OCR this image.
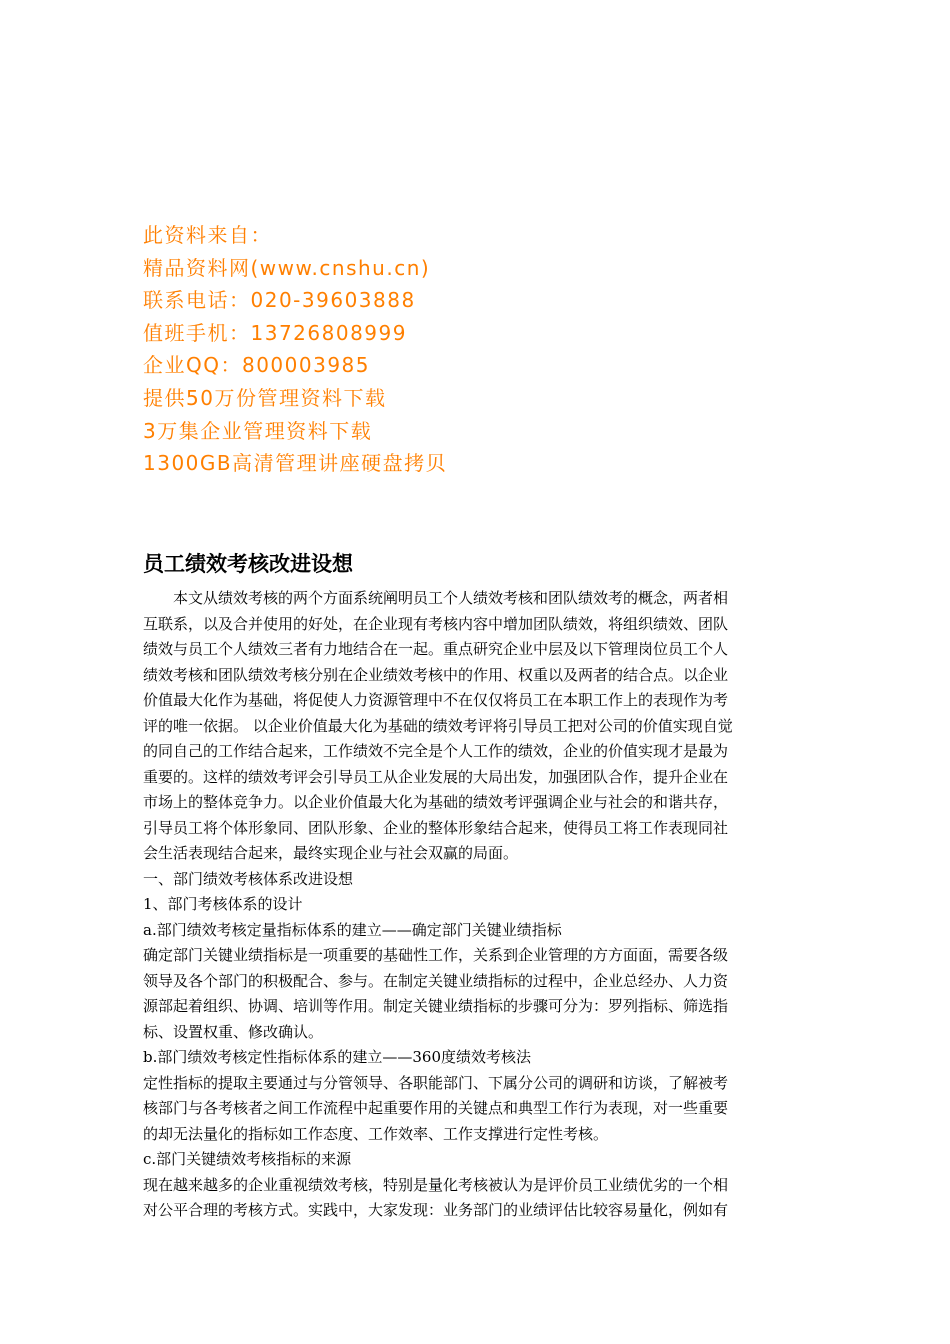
此资料来自：
精品资料网(www.cnshu.cn)
联系电话：020-39603888
值班手机：13726808999
企业QQ：800003985
提供50万份管理资料下载
3万集企业管理资料下载
1300GB高清管理讲座硬盘拷贝
员工绩效考核改进设想
本文从绩效考核的两个方面系统阐明员工个人绩效考核和团队绩效考的概念，两者相
互联系，以及合并使用的好处，在企业现有考核内容中增加团队绩效，将组织绩效、团队
绩效与员工个人绩效三者有力地结合在一起。重点研究企业中层及以下管理岗位员工个人
绩效考核和团队绩效考核分别在企业绩效考核中的作用、权重以及两者的结合点。以企业
价值最大化作为基础，将促使人力资源管理中不在仅仅将员工在本职工作上的表现作为考
评的唯一依据。 以企业价值最大化为基础的绩效考评将引导员工把对公司的价值实现自觉
的同自己的工作结合起来，工作绩效不完全是个人工作的绩效，企业的价值实现才是最为
重要的。这样的绩效考评会引导员工从企业发展的大局出发，加强团队合作，提升企业在
市场上的整体竞争力。以企业价值最大化为基础的绩效考评强调企业与社会的和谐共存，
引导员工将个体形象同、团队形象、企业的整体形象结合起来，使得员工将工作表现同社
会生活表现结合起来，最终实现企业与社会双赢的局面。
一、部门绩效考核体系改进设想
1、部门考核体系的设计
a.部门绩效考核定量指标体系的建立——确定部门关键业绩指标
确定部门关键业绩指标是一项重要的基础性工作，关系到企业管理的方方面面，需要各级
领导及各个部门的积极配合、参与。在制定关键业绩指标的过程中，企业总经办、人力资
源部起着组织、协调、培训等作用。制定关键业绩指标的步骤可分为：罗列指标、筛选指
标、设置权重、修改确认。
b.部门绩效考核定性指标体系的建立——360度绩效考核法
定性指标的提取主要通过与分管领导、各职能部门、下属分公司的调研和访谈，了解被考
核部门与各考核者之间工作流程中起重要作用的关键点和典型工作行为表现，对一些重要
的却无法量化的指标如工作态度、工作效率、工作支撑进行定性考核。
c.部门关键绩效考核指标的来源
现在越来越多的企业重视绩效考核，特别是量化考核被认为是评价员工业绩优劣的一个相
对公平合理的考核方式。实践中，大家发现：业务部门的业绩评估比较容易量化，例如有
